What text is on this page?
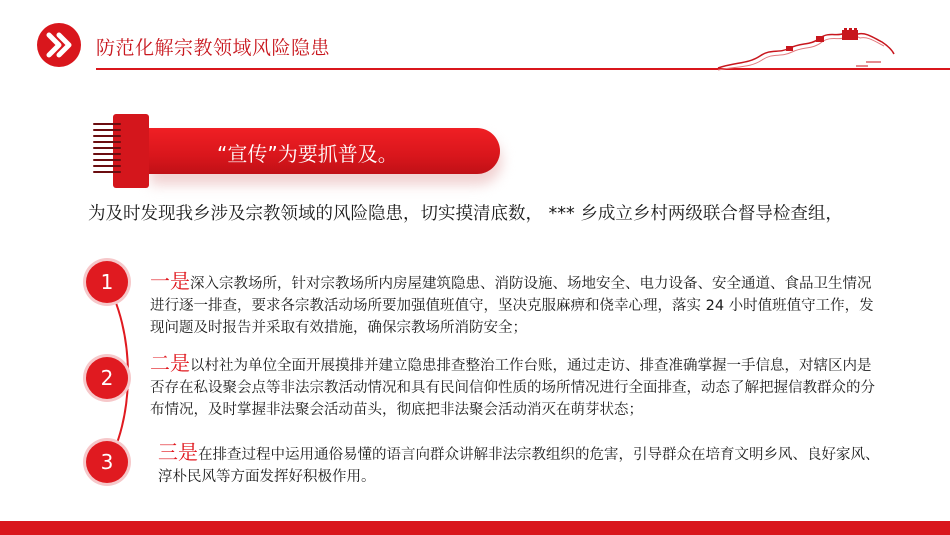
防范化解宗教领域风险隐患
“宣传”为要抓普及。
为及时发现我乡涉及宗教领域的风险隐患，切实摸清底数， *** 乡成立乡村两级联合督导检查组，
1	一是深入宗教场所，针对宗教场所内房屋建筑隐患、消防设施、场地安全、电力设备、安全通道、食品卫生情况进行逐一排查，要求各宗教活动场所要加强值班值守，坚决克服麻痹和侥幸心理，落实 24 小时值班值守工作，发现问题及时报告并采取有效措施，确保宗教场所消防安全；
2
二是以村社为单位全面开展摸排并建立隐患排查整治工作台账，通过走访、排查准确掌握一手信息，对辖区内是否存在私设聚会点等非法宗教活动情况和具有民间信仰性质的场所情况进行全面排查，动态了解把握信教群众的分布情况，及时掌握非法聚会活动苗头，彻底把非法聚会活动消灭在萌芽状态；
3	三是在排查过程中运用通俗易懂的语言向群众讲解非法宗教组织的危害，引导群众在培育文明乡风、良好家风、淳朴民风等方面发挥好积极作用。
